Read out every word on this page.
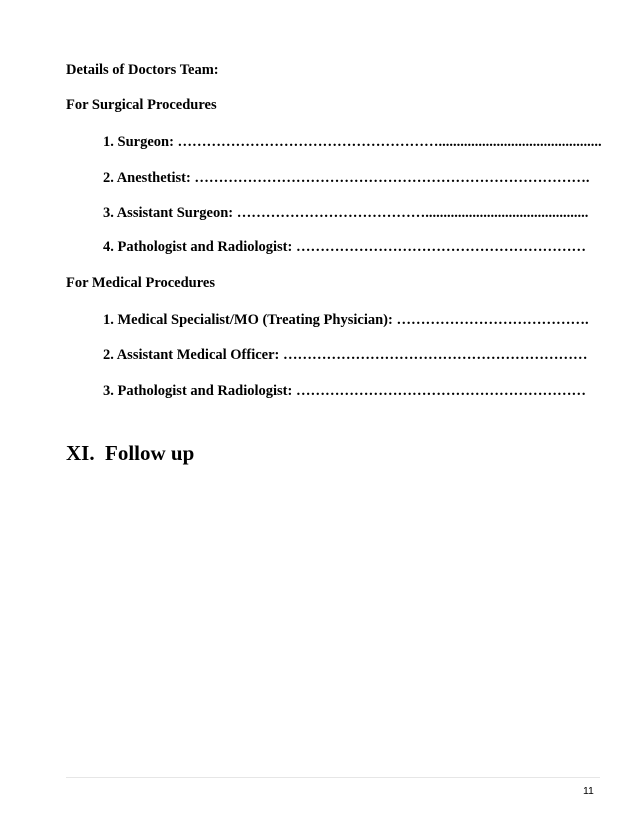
Details of Doctors Team:
For Surgical Procedures
1. Surgeon: ……………………………………………….............................................
2. Anesthetist: ……………………………………………………………………….
3. Assistant Surgeon: ………………………………….............................................
4. Pathologist and Radiologist: ……………………………………………………
For Medical Procedures
1. Medical Specialist/MO (Treating Physician): ………………………………….
2. Assistant Medical Officer: ………………………………………………………
3. Pathologist and Radiologist: ……………………………………………………
XI. Follow up
11
